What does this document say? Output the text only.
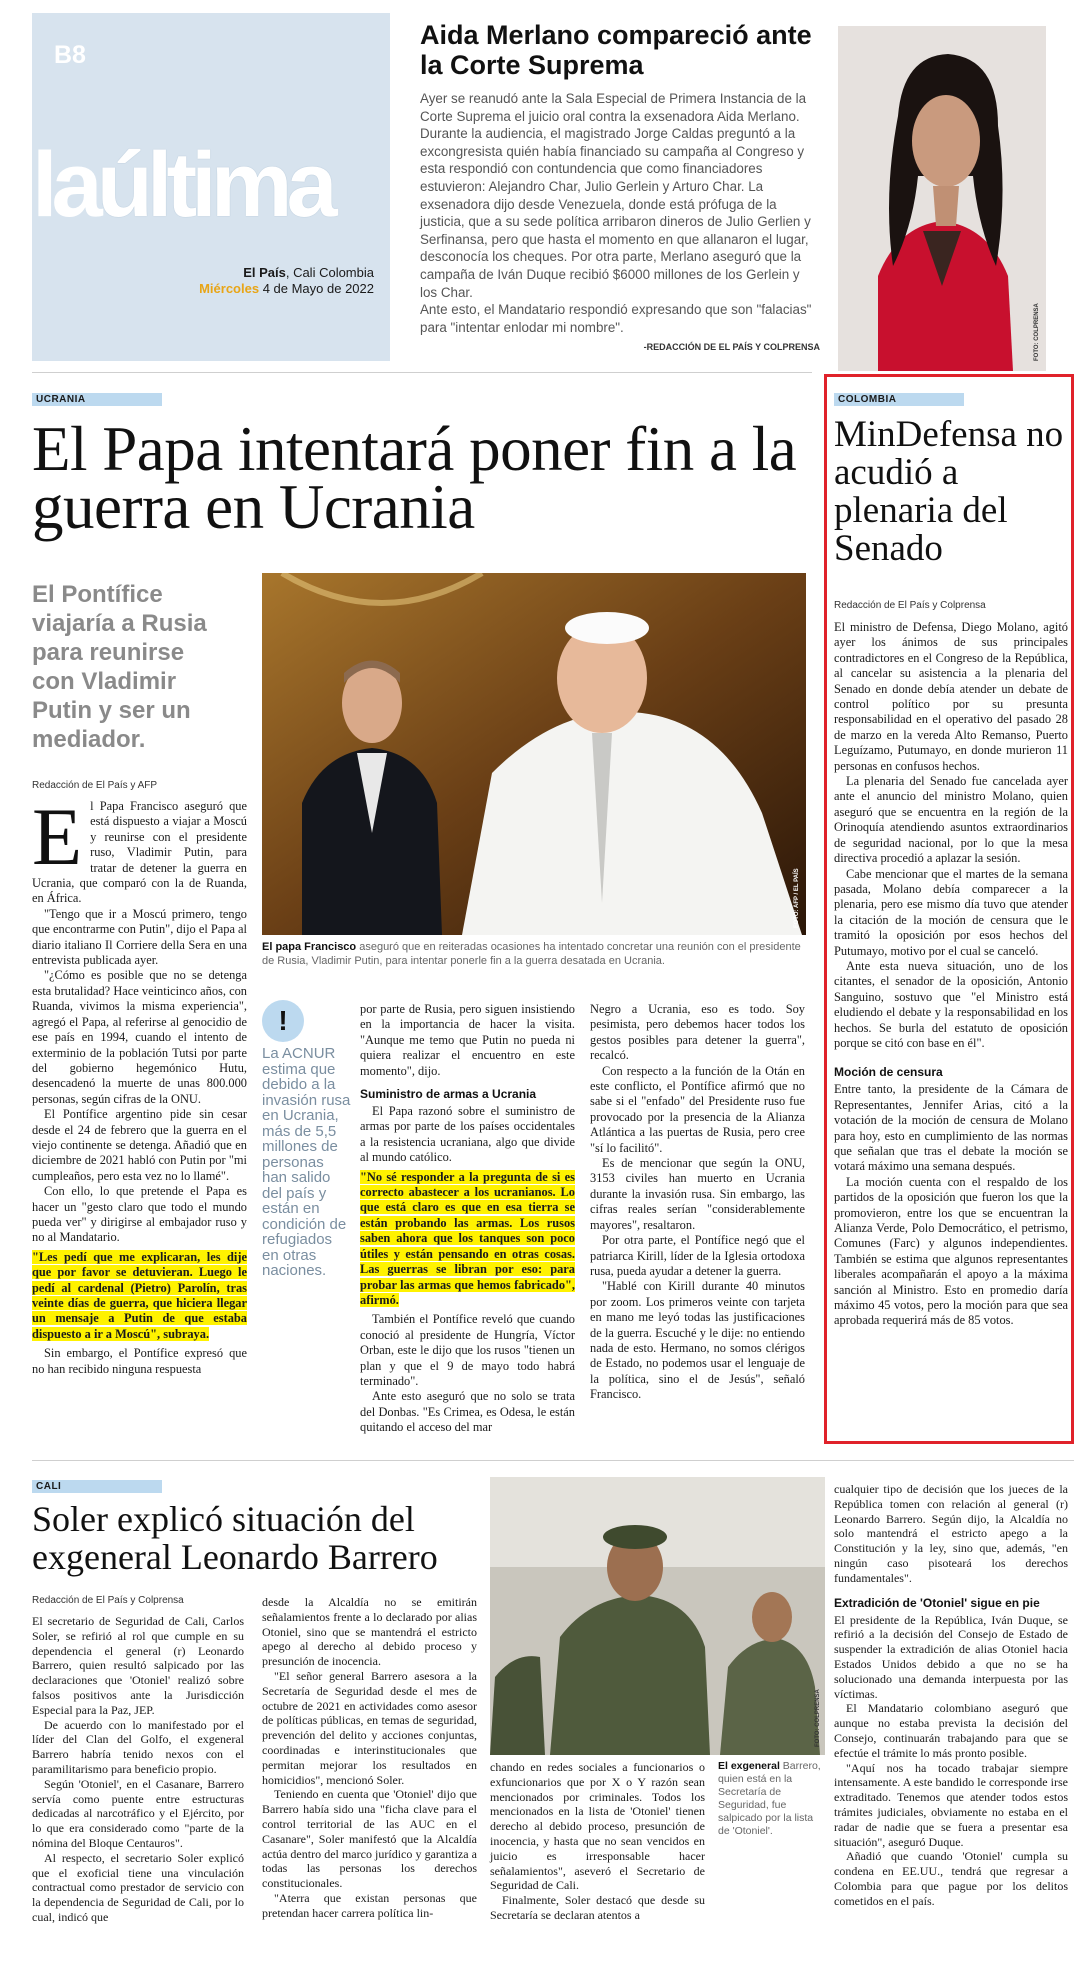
B8
laúltima
El País, Cali Colombia
Miércoles 4 de Mayo de 2022
Aida Merlano compareció ante la Corte Suprema

Ayer se reanudó ante la Sala Especial de Primera Instancia de la Corte Suprema el juicio oral contra la exsenadora Aida Merlano. Durante la audiencia, el magistrado Jorge Caldas preguntó a la excongresista quién había financiado su campaña al Congreso y esta respondió con contundencia que como financiadores estuvieron: Alejandro Char, Julio Gerlein y Arturo Char. La exsenadora dijo desde Venezuela, donde está prófuga de la justicia, que a su sede política arribaron dineros de Julio Gerlien y Serfinansa, pero que hasta el momento en que allanaron el lugar, desconocía los cheques. Por otra parte, Merlano aseguró que la campaña de Iván Duque recibió $6000 millones de los Gerlein y los Char.

Ante esto, el Mandatario respondió expresando que son "falacias" para "intentar enlodar mi nombre".

-REDACCIÓN DE EL PAÍS Y COLPRENSA	FOTO: COLPRENSA
UCRANIA
El Papa intentará poner fin a la guerra en Ucrania
El Pontífice viajaría a Rusia para reunirse con Vladimir Putin y ser un mediador.
FOTO: AFP / EL PAÍS
El papa Francisco aseguró que en reiteradas ocasiones ha intentado concretar una reunión con el presidente de Rusia, Vladimir Putin, para intentar ponerle fin a la guerra desatada en Ucrania.
Redacción de El País y AFP

El Papa Francisco aseguró que está dispuesto a viajar a Moscú y reunirse con el presidente ruso, Vladimir Putin, para tratar de detener la guerra en Ucrania, que comparó con la de Ruanda, en África.

"Tengo que ir a Moscú primero, tengo que encontrarme con Putin", dijo el Papa al diario italiano Il Corriere della Sera en una entrevista publicada ayer.

"¿Cómo es posible que no se detenga esta brutalidad? Hace veinticinco años, con Ruanda, vivimos la misma experiencia", agregó el Papa, al referirse al genocidio de ese país en 1994, cuando el intento de exterminio de la población Tutsi por parte del gobierno hegemónico Hutu, desencadenó la muerte de unas 800.000 personas, según cifras de la ONU.

El Pontífice argentino pide sin cesar desde el 24 de febrero que la guerra en el viejo continente se detenga. Añadió que en diciembre de 2021 habló con Putin por "mi cumpleaños, pero esta vez no lo llamé".

Con ello, lo que pretende el Papa es hacer un "gesto claro que todo el mundo pueda ver" y dirigirse al embajador ruso y no al Mandatario.

"Les pedí que me explicaran, les dije que por favor se detuvieran. Luego le pedí al cardenal (Pietro) Parolín, tras veinte días de guerra, que hiciera llegar un mensaje a Putin de que estaba dispuesto a ir a Moscú", subraya.

Sin embargo, el Pontífice expresó que no han recibido ninguna respuesta

!
La ACNUR estima que debido a la invasión rusa en Ucrania, más de 5,5 millones de personas han salido del país y están en condición de refugiados en otras naciones.

por parte de Rusia, pero siguen insistiendo en la importancia de hacer la visita. "Aunque me temo que Putin no pueda ni quiera realizar el encuentro en este momento", dijo.

Suministro de armas a Ucrania

El Papa razonó sobre el suministro de armas por parte de los países occidentales a la resistencia ucraniana, algo que divide al mundo católico.

"No sé responder a la pregunta de si es correcto abastecer a los ucranianos. Lo que está claro es que en esa tierra se están probando las armas. Los rusos saben ahora que los tanques son poco útiles y están pensando en otras cosas. Las guerras se libran por eso: para probar las armas que hemos fabricado", afirmó.

También el Pontífice reveló que cuando conoció al presidente de Hungría, Víctor Orban, este le dijo que los rusos "tienen un plan y que el 9 de mayo todo habrá terminado".

Ante esto aseguró que no solo se trata del Donbas. "Es Crimea, es Odesa, le están quitando el acceso del mar

Negro a Ucrania, eso es todo. Soy pesimista, pero debemos hacer todos los gestos posibles para detener la guerra", recalcó.

Con respecto a la función de la Otán en este conflicto, el Pontífice afirmó que no sabe si el "enfado" del Presidente ruso fue provocado por la presencia de la Alianza Atlántica a las puertas de Rusia, pero cree "sí lo facilitó".

Es de mencionar que según la ONU, 3153 civiles han muerto en Ucrania durante la invasión rusa. Sin embargo, las cifras reales serían "considerablemente mayores", resaltaron.

Por otra parte, el Pontífice negó que el patriarca Kirill, líder de la Iglesia ortodoxa rusa, pueda ayudar a detener la guerra.

"Hablé con Kirill durante 40 minutos por zoom. Los primeros veinte con tarjeta en mano me leyó todas las justificaciones de la guerra. Escuché y le dije: no entiendo nada de esto. Hermano, no somos clérigos de Estado, no podemos usar el lenguaje de la política, sino el de Jesús", señaló Francisco.

COLOMBIA
MinDefensa no acudió a plenaria del Senado
Redacción de El País y Colprensa

El ministro de Defensa, Diego Molano, agitó ayer los ánimos de sus principales contradictores en el Congreso de la República, al cancelar su asistencia a la plenaria del Senado en donde debía atender un debate de control político por su presunta responsabilidad en el operativo del pasado 28 de marzo en la vereda Alto Remanso, Puerto Leguízamo, Putumayo, en donde murieron 11 personas en confusos hechos.

La plenaria del Senado fue cancelada ayer ante el anuncio del ministro Molano, quien aseguró que se encuentra en la región de la Orinoquía atendiendo asuntos extraordinarios de seguridad nacional, por lo que la mesa directiva procedió a aplazar la sesión.

Cabe mencionar que el martes de la semana pasada, Molano debía comparecer a la plenaria, pero ese mismo día tuvo que atender la citación de la moción de censura que le tramitó la oposición por esos hechos del Putumayo, motivo por el cual se canceló.

Ante esta nueva situación, uno de los citantes, el senador de la oposición, Antonio Sanguino, sostuvo que "el Ministro está eludiendo el debate y la responsabilidad en los hechos. Se burla del estatuto de oposición porque se citó con base en él".

Moción de censura

Entre tanto, la presidente de la Cámara de Representantes, Jennifer Arias, citó a la votación de la moción de censura de Molano para hoy, esto en cumplimiento de las normas que señalan que tras el debate la moción se votará máximo una semana después.

La moción cuenta con el respaldo de los partidos de la oposición que fueron los que la promovieron, entre los que se encuentran la Alianza Verde, Polo Democrático, el petrismo, Comunes (Farc) y algunos independientes. También se estima que algunos representantes liberales acompañarán el apoyo a la máxima sanción al Ministro. Esto en promedio daría máximo 45 votos, pero la moción para que sea aprobada requerirá más de 85 votos.

CALI
Soler explicó situación del exgeneral Leonardo Barrero
Redacción de El País y Colprensa

El secretario de Seguridad de Cali, Carlos Soler, se refirió al rol que cumple en su dependencia el general (r) Leonardo Barrero, quien resultó salpicado por las declaraciones que 'Otoniel' realizó sobre falsos positivos ante la Jurisdicción Especial para la Paz, JEP.

De acuerdo con lo manifestado por el líder del Clan del Golfo, el exgeneral Barrero habría tenido nexos con el paramilitarismo para beneficio propio.

Según 'Otoniel', en el Casanare, Barrero servía como puente entre estructuras dedicadas al narcotráfico y el Ejército, por lo que era considerado como "parte de la nómina del Bloque Centauros".

Al respecto, el secretario Soler explicó que el exoficial tiene una vinculación contractual como prestador de servicio con la dependencia de Seguridad de Cali, por lo cual, indicó que

desde la Alcaldía no se emitirán señalamientos frente a lo declarado por alias Otoniel, sino que se mantendrá el estricto apego al derecho al debido proceso y presunción de inocencia.

"El señor general Barrero asesora a la Secretaría de Seguridad desde el mes de octubre de 2021 en actividades como asesor de políticas públicas, en temas de seguridad, prevención del delito y acciones conjuntas, coordinadas e interinstitucionales que permitan mejorar los resultados en homicidios", mencionó Soler.

Teniendo en cuenta que 'Otoniel' dijo que Barrero había sido una "ficha clave para el control territorial de las AUC en el Casanare", Soler manifestó que la Alcaldía actúa dentro del marco jurídico y garantiza a todas las personas los derechos constitucionales.

"Aterra que existan personas que pretendan hacer carrera política lin-

FOTO: COLPRENSA

chando en redes sociales a funcionarios o exfuncionarios que por X o Y razón sean mencionados por criminales. Todos los mencionados en la lista de 'Otoniel' tienen derecho al debido proceso, presunción de inocencia, y hasta que no sean vencidos en juicio es irresponsable hacer señalamientos", aseveró el Secretario de Seguridad de Cali.

Finalmente, Soler destacó que desde su Secretaría se declaran atentos a

El exgeneral Barrero, quien está en la Secretaría de Seguridad, fue salpicado por la lista de 'Otoniel'.

cualquier tipo de decisión que los jueces de la República tomen con relación al general (r) Leonardo Barrero. Según dijo, la Alcaldía no solo mantendrá el estricto apego a la Constitución y la ley, sino que, además, "en ningún caso pisoteará los derechos fundamentales".

Extradición de 'Otoniel' sigue en pie

El presidente de la República, Iván Duque, se refirió a la decisión del Consejo de Estado de suspender la extradición de alias Otoniel hacia Estados Unidos debido a que no se ha solucionado una demanda interpuesta por las víctimas.

El Mandatario colombiano aseguró que aunque no estaba prevista la decisión del Consejo, continuarán trabajando para que se efectúe el trámite lo más pronto posible.

"Aquí nos ha tocado trabajar siempre intensamente. A este bandido le corresponde irse extraditado. Tenemos que atender todos estos trámites judiciales, obviamente no estaba en el radar de nadie que se fuera a presentar esa situación", aseguró Duque.

Añadió que cuando 'Otoniel' cumpla su condena en EE.UU., tendrá que regresar a Colombia para que pague por los delitos cometidos en el país.
